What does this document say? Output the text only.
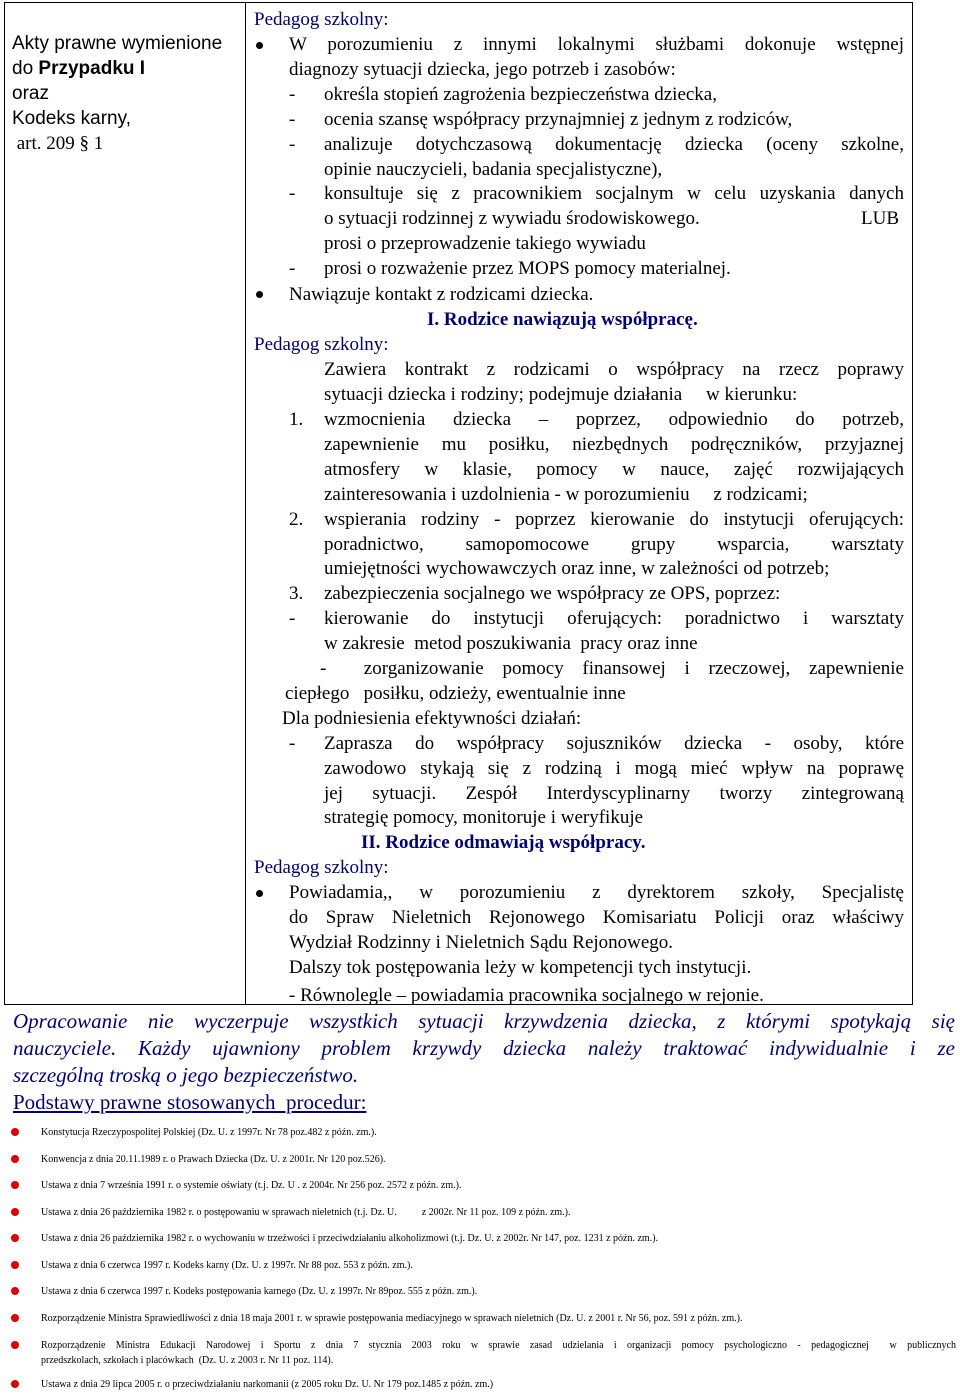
Akty prawne wymienione
do Przypadku I
oraz
Kodeks karny,
art. 209 § 1
Pedagog szkolny:
W porozumieniu z innymi lokalnymi służbami dokonuje wstępnej
diagnozy sytuacji dziecka, jego potrzeb i zasobów:
- określa stopień zagrożenia bezpieczeństwa dziecka,
- ocenia szansę współpracy przynajmniej z jednym z rodziców,
- analizuje dotychczasową dokumentację dziecka (oceny szkolne,
opinie nauczycieli, badania specjalistyczne),
- konsultuje się z pracownikiem socjalnym w celu uzyskania danych
o sytuacji rodzinnej z wywiadu środowiskowego.	LUB
prosi o przeprowadzenie takiego wywiadu
- prosi o rozważenie przez MOPS pomocy materialnej.
Nawiązuje kontakt z rodzicami dziecka.
I. Rodzice nawiązują współpracę.
Pedagog szkolny:
Zawiera kontrakt z rodzicami o współpracy na rzecz poprawy
sytuacji dziecka i rodziny; podejmuje działania     w kierunku:
1. wzmocnienia dziecka – poprzez, odpowiednio do potrzeb,
zapewnienie mu posiłku, niezbędnych podręczników, przyjaznej
atmosfery w klasie, pomocy w nauce, zajęć rozwijających
zainteresowania i uzdolnienia - w porozumieniu     z rodzicami;
2. wspierania rodziny - poprzez kierowanie do instytucji oferujących:
poradnictwo, samopomocowe grupy wsparcia, warsztaty
umiejętności wychowawczych oraz inne, w zależności od potrzeb;
3. zabezpieczenia socjalnego we współpracy ze OPS, poprzez:
- kierowanie do instytucji oferujących: poradnictwo i warsztaty
w zakresie  metod poszukiwania  pracy oraz inne
-  zorganizowanie pomocy finansowej i rzeczowej, zapewnienie
ciepłego   posiłku, odzieży, ewentualnie inne
Dla podniesienia efektywności działań:
- Zaprasza do współpracy sojuszników dziecka - osoby, które
zawodowo stykają się z rodziną i mogą mieć wpływ na poprawę
jej sytuacji. Zespół Interdyscyplinarny tworzy zintegrowaną
strategię pomocy, monitoruje i weryfikuje
II. Rodzice odmawiają współpracy.
Pedagog szkolny:
Powiadamia,, w porozumieniu z dyrektorem szkoły, Specjalistę
do Spraw Nieletnich Rejonowego Komisariatu Policji oraz właściwy
Wydział Rodzinny i Nieletnich Sądu Rejonowego.
Dalszy tok postępowania leży w kompetencji tych instytucji.
- Równolegle – powiadamia pracownika socjalnego w rejonie.
Opracowanie nie wyczerpuje wszystkich sytuacji krzywdzenia dziecka, z którymi spotykają się
nauczyciele. Każdy ujawniony problem krzywdy dziecka należy traktować indywidualnie i ze
szczególną troską o jego bezpieczeństwo.
Podstawy prawne stosowanych  procedur:
Konstytucja Rzeczypospolitej Polskiej (Dz. U. z 1997r. Nr 78 poz.482 z późn. zm.).
Konwencja z dnia 20.11.1989 r. o Prawach Dziecka (Dz. U. z 2001r. Nr 120 poz.526).
Ustawa z dnia 7 września 1991 r. o systemie oświaty (t.j. Dz. U . z 2004r. Nr 256 poz. 2572 z późn. zm.).
Ustawa z dnia 26 października 1982 r. o postępowaniu w sprawach nieletnich (t.j. Dz. U.          z 2002r. Nr 11 poz. 109 z późn. zm.).
Ustawa z dnia 26 października 1982 r. o wychowaniu w trzeźwości i przeciwdziałaniu alkoholizmowi (t.j. Dz. U. z 2002r. Nr 147, poz. 1231 z późn. zm.).
Ustawa z dnia 6 czerwca 1997 r. Kodeks karny (Dz. U. z 1997r. Nr 88 poz. 553 z późn. zm.).
Ustawa z dnia 6 czerwca 1997 r. Kodeks postępowania karnego (Dz. U. z 1997r. Nr 89poz. 555 z późn. zm.).
Rozporządzenie Ministra Sprawiedliwości z dnia 18 maja 2001 r. w sprawie postępowania mediacyjnego w sprawach nieletnich (Dz. U. z 2001 r. Nr 56, poz. 591 z późn. zm.).
Rozporządzenie Ministra Edukacji Narodowej i Sportu z dnia 7 stycznia 2003 roku w sprawie zasad udzielania i organizacji pomocy psychologiczno - pedagogicznej  w publicznych
przedszkolach, szkołach i placówkach  (Dz. U. z 2003 r. Nr 11 poz. 114).
Ustawa z dnia 29 lipca 2005 r. o przeciwdziałaniu narkomanii (z 2005 roku Dz. U. Nr 179 poz.1485 z późn. zm.)
